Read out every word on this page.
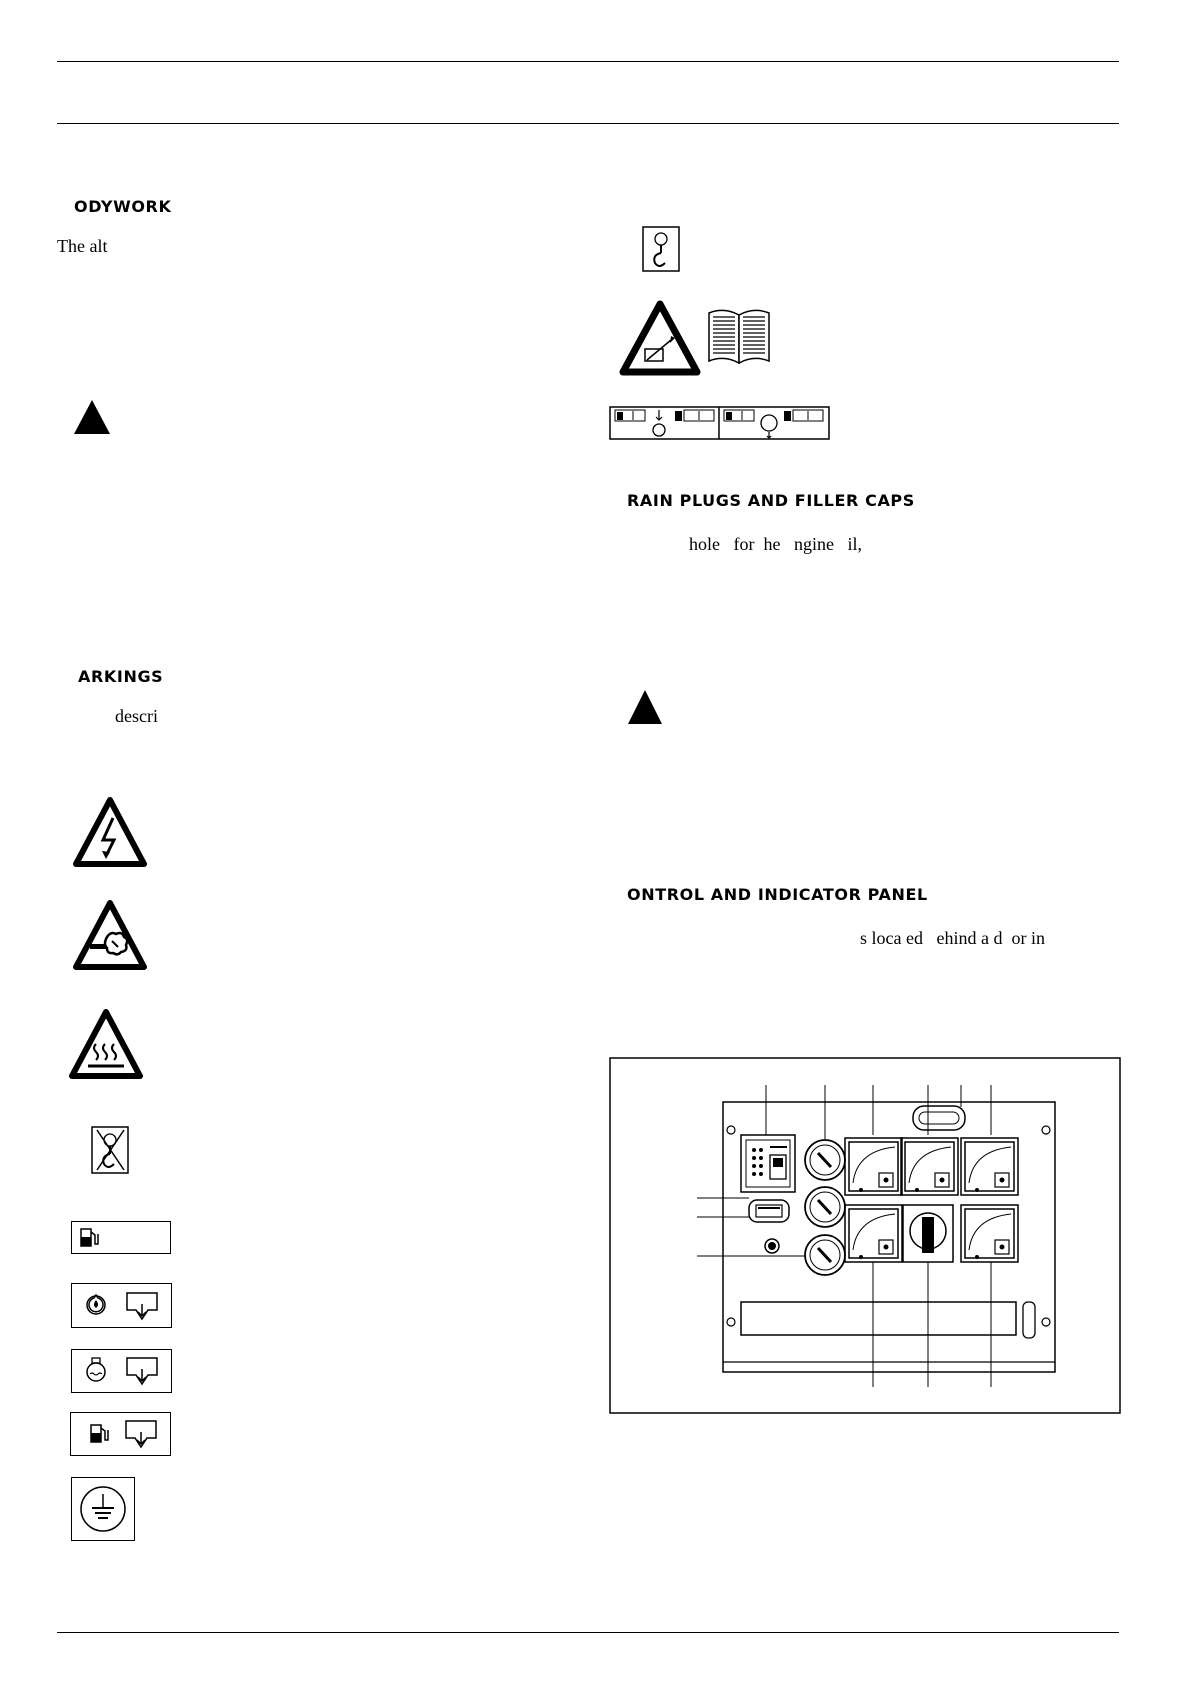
ODYWORK
The alt
ARKINGS
descri
RAIN PLUGS AND FILLER CAPS
hole   for  he   ngine   il,
ONTROL AND INDICATOR PANEL
s loca ed   ehind a d  or in
